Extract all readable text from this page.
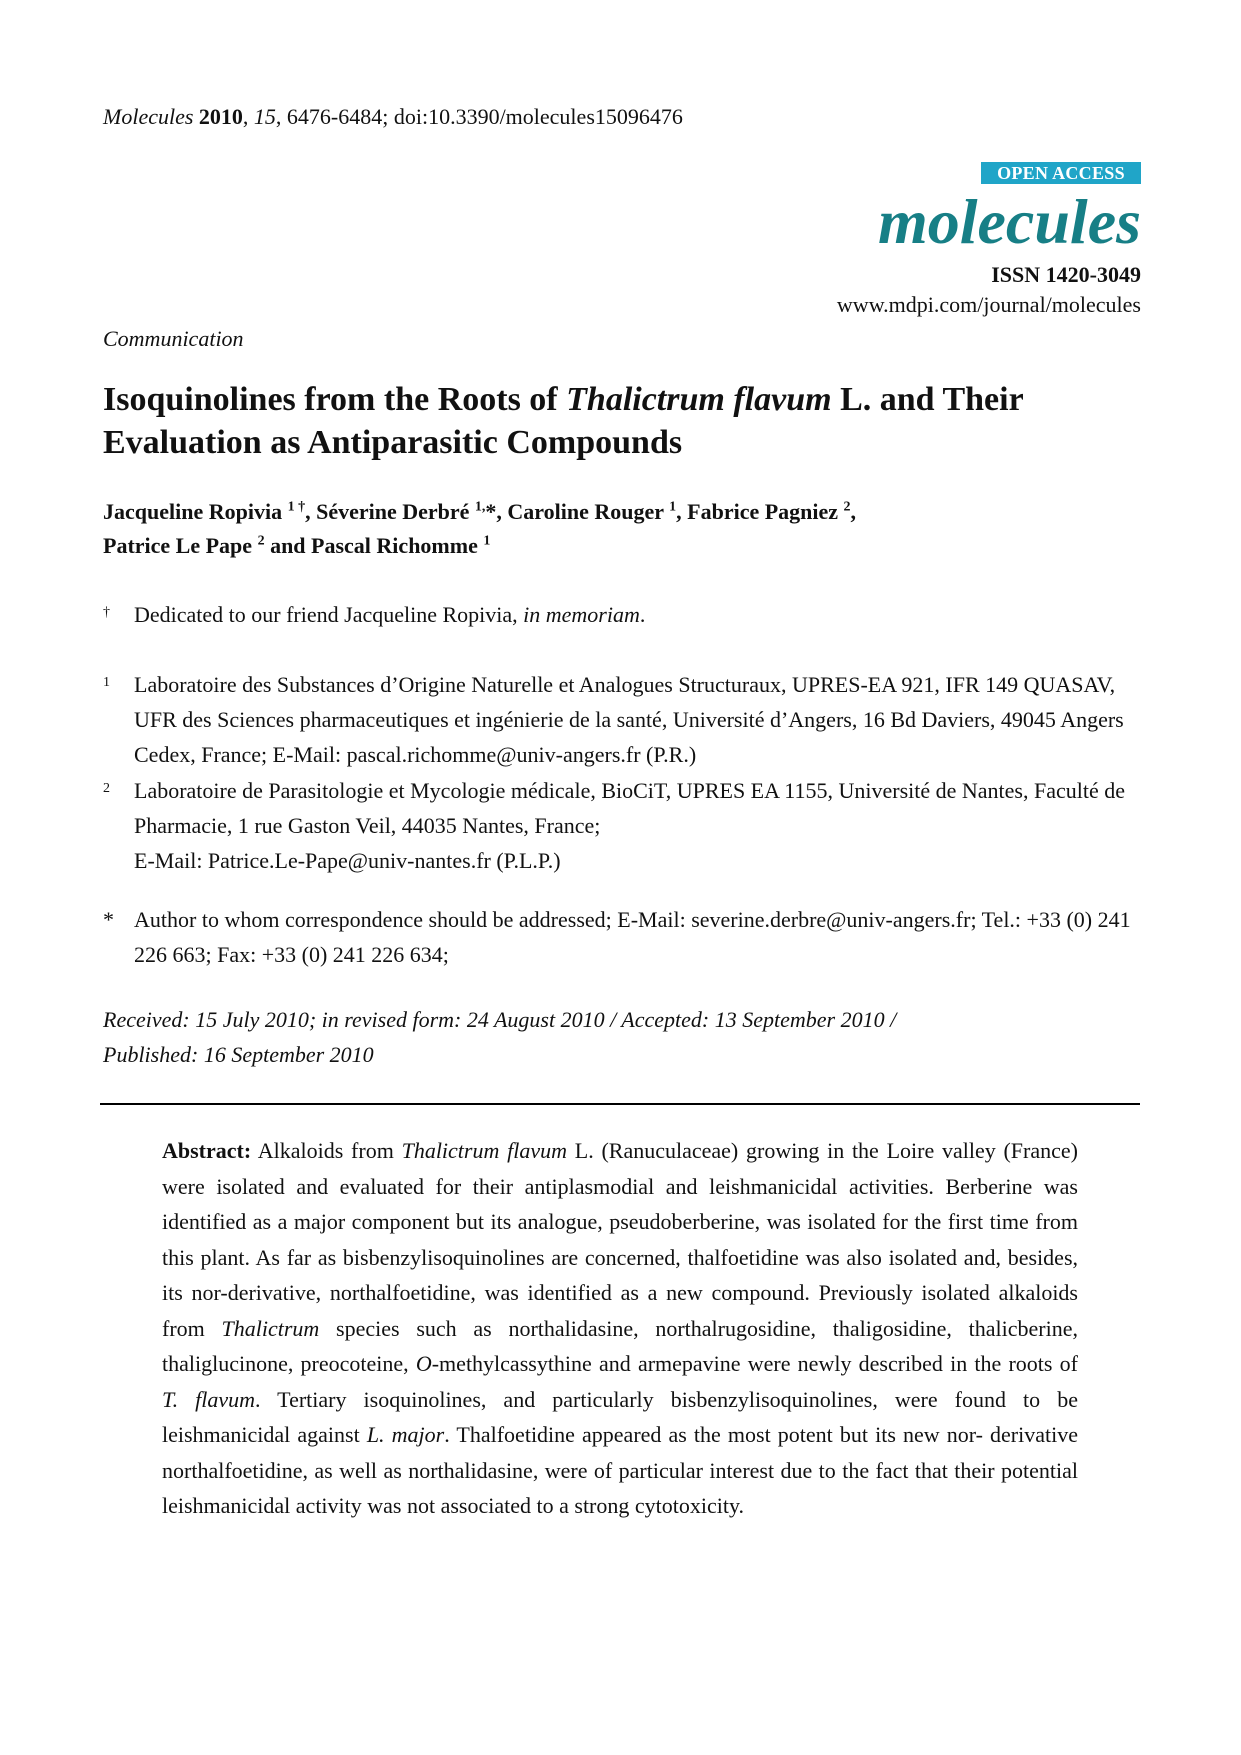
Molecules 2010, 15, 6476-6484; doi:10.3390/molecules15096476
OPEN ACCESS
molecules
ISSN 1420-3049
www.mdpi.com/journal/molecules
Communication
Isoquinolines from the Roots of Thalictrum flavum L. and Their Evaluation as Antiparasitic Compounds
Jacqueline Ropivia $^{1 \dagger}$, Séverine Derbré $^{1,}$*, Caroline Rouger $^1$, Fabrice Pagniez $^2$,
Patrice Le Pape $^2$ and Pascal Richomme $^1$
† Dedicated to our friend Jacqueline Ropivia, in memoriam.
1 Laboratoire des Substances d’Origine Naturelle et Analogues Structuraux, UPRES-EA 921, IFR 149 QUASAV, UFR des Sciences pharmaceutiques et ingénierie de la santé, Université d’Angers, 16 Bd Daviers, 49045 Angers Cedex, France; E-Mail: pascal.richomme@univ-angers.fr (P.R.)
2 Laboratoire de Parasitologie et Mycologie médicale, BioCiT, UPRES EA 1155, Université de Nantes, Faculté de Pharmacie, 1 rue Gaston Veil, 44035 Nantes, France;
E-Mail: Patrice.Le-Pape@univ-nantes.fr (P.L.P.)
* Author to whom correspondence should be addressed; E-Mail: severine.derbre@univ-angers.fr; Tel.: +33 (0) 241 226 663; Fax: +33 (0) 241 226 634;
Received: 15 July 2010; in revised form: 24 August 2010 / Accepted: 13 September 2010 /
Published: 16 September 2010
Abstract: Alkaloids from Thalictrum flavum L. (Ranuculaceae) growing in the Loire valley (France) were isolated and evaluated for their antiplasmodial and leishmanicidal activities. Berberine was identified as a major component but its analogue, pseudoberberine, was isolated for the first time from this plant. As far as bisbenzylisoquinolines are concerned, thalfoetidine was also isolated and, besides, its nor-derivative, northalfoetidine, was identified as a new compound. Previously isolated alkaloids from Thalictrum species such as northalidasine, northalrugosidine, thaligosidine, thalicberine, thaliglucinone, preocoteine, O-methylcassythine and armepavine were newly described in the roots of T. flavum. Tertiary isoquinolines, and particularly bisbenzylisoquinolines, were found to be leishmanicidal against L. major. Thalfoetidine appeared as the most potent but its new nor- derivative northalfoetidine, as well as northalidasine, were of particular interest due to the fact that their potential leishmanicidal activity was not associated to a strong cytotoxicity.
